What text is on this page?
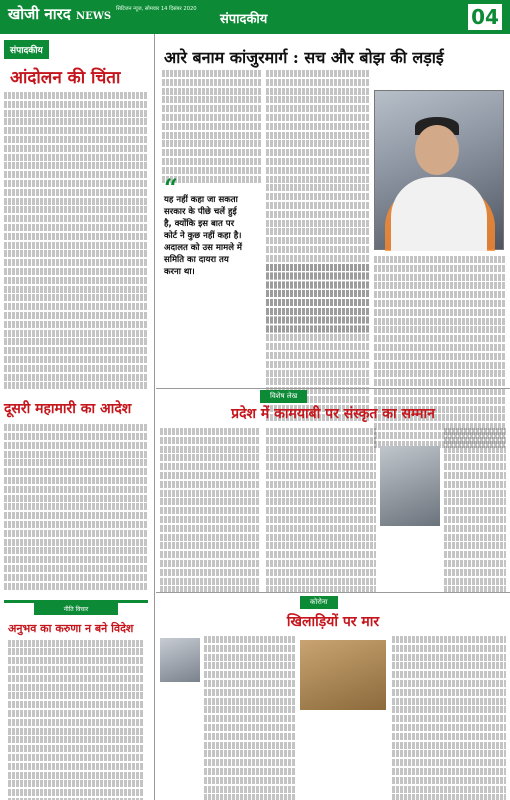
खोजी नारद NEWS
सिटिजन न्यूज, सोमवार 14 दिसंबर 2020
संपादकीय	04
संपादकीय
आंदोलन की चिंता
दूसरी महामारी का आदेश
नीति विचार
अनुभव का करुणा न बने विदेश
आरे बनाम कांजुरमार्ग : सच और बोझ की लड़ाई
“
यह नहीं कहा जा सकता सरकार के पीछे चलें हुई है, क्योंकि इस बात पर कोर्ट ने कुछ नहीं कहा है। अदालत को उस मामले में समिति का दायरा तय करना था।
विशेष लेख
प्रदेश में कामयाबी पर संस्कृत का सम्मान
कोरोना
खिलाड़ियों पर मार
